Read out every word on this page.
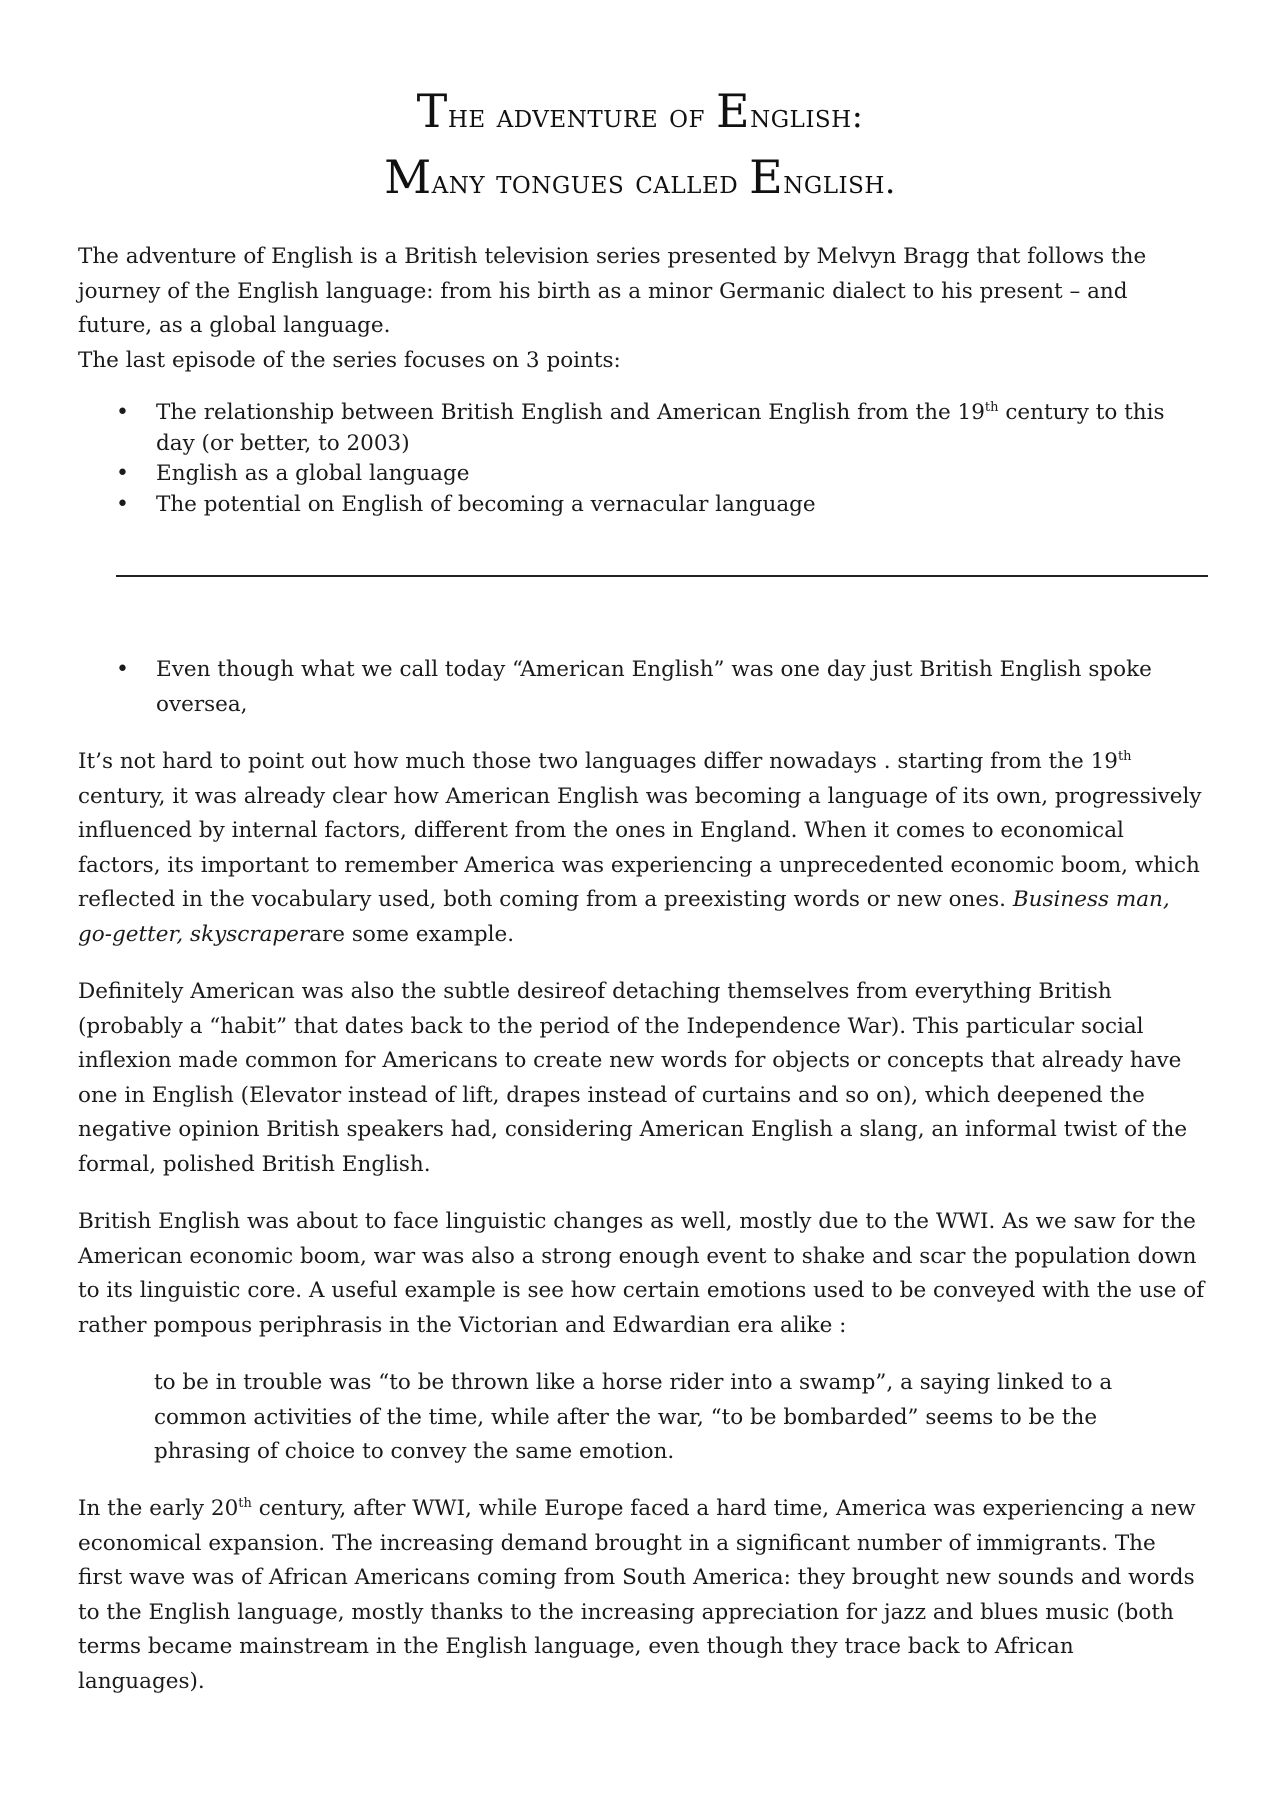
The adventure of English:
Many tongues called English.

The adventure of English is a British television series presented by Melvyn Bragg that follows the journey of the English language: from his birth as a minor Germanic dialect to his present – and future, as a global language.

The last episode of the series focuses on 3 points:

• The relationship between British English and American English from the 19th century to this day (or better, to 2003)
• English as a global language
• The potential on English of becoming a vernacular language
• Even though what we call today “American English” was one day just British English spoke oversea,

It’s not hard to point out how much those two languages differ nowadays . starting from the 19th century, it was already clear how American English was becoming a language of its own, progressively influenced by internal factors, different from the ones in England. When it comes to economical factors, its important to remember America was experiencing a unprecedented economic boom, which reflected in the vocabulary used, both coming from a preexisting words or new ones. Business man, go-getter, skyscraperare some example.

Definitely American was also the subtle desireof detaching themselves from everything British (probably a “habit” that dates back to the period of the Independence War). This particular social inflexion made common for Americans to create new words for objects or concepts that already have one in English (Elevator instead of lift, drapes instead of curtains and so on), which deepened the negative opinion British speakers had, considering American English a slang, an informal twist of the formal, polished British English.

British English was about to face linguistic changes as well, mostly due to the WWI. As we saw for the American economic boom, war was also a strong enough event to shake and scar the population down to its linguistic core. A useful example is see how certain emotions used to be conveyed with the use of rather pompous periphrasis in the Victorian and Edwardian era alike :

to be in trouble was “to be thrown like a horse rider into a swamp”, a saying linked to a common activities of the time, while after the war, “to be bombarded” seems to be the phrasing of choice to convey the same emotion.

In the early 20th century, after WWI, while Europe faced a hard time, America was experiencing a new economical expansion. The increasing demand brought in a significant number of immigrants. The first wave was of African Americans coming from South America: they brought new sounds and words to the English language, mostly thanks to the increasing appreciation for jazz and blues music (both terms became mainstream in the English language, even though they trace back to African languages).
